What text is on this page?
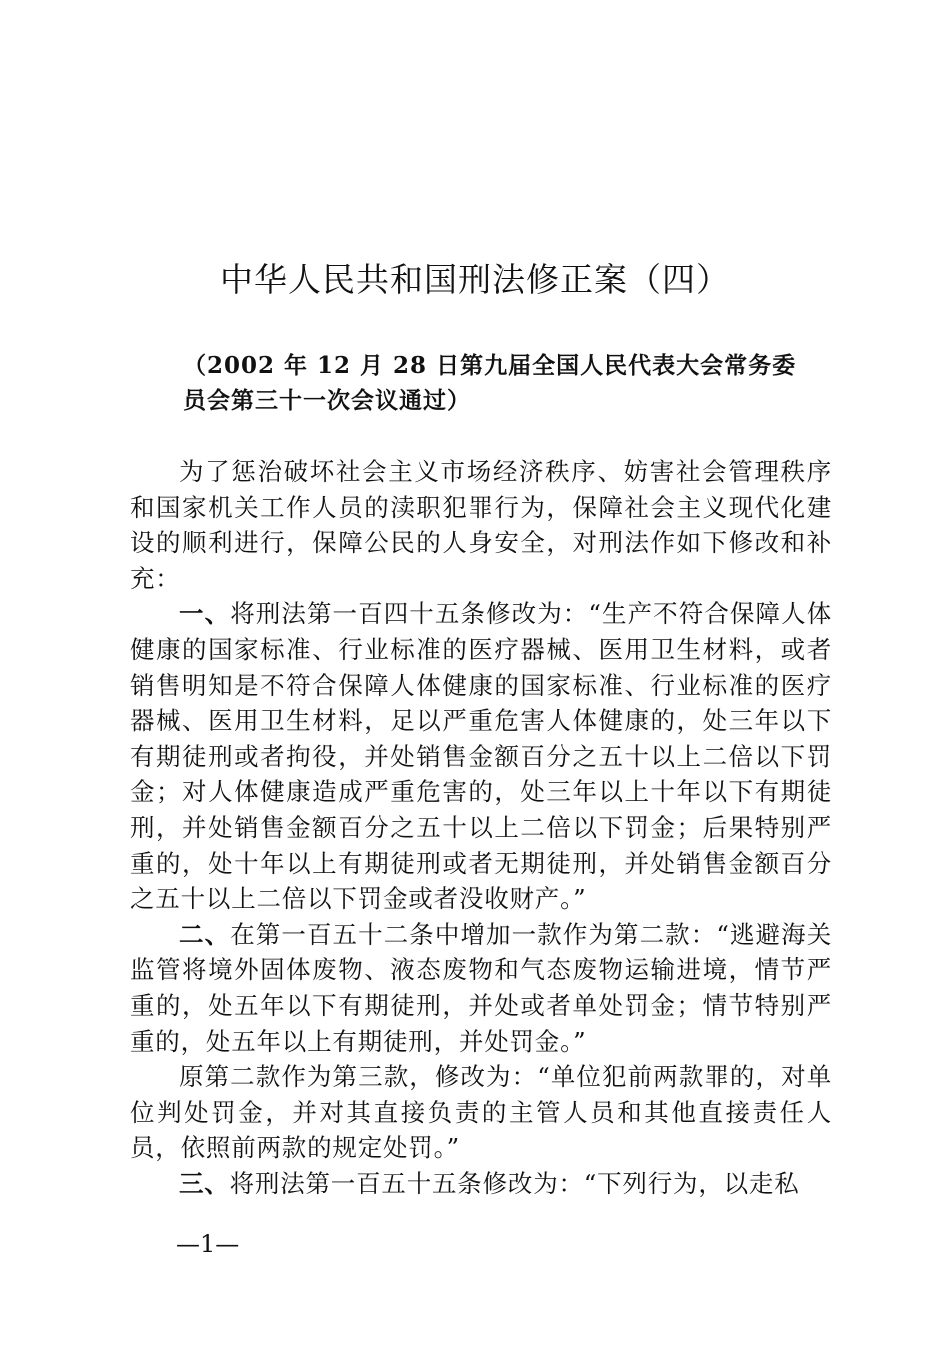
中华人民共和国刑法修正案（四）
（2002 年 12 月 28 日第九届全国人民代表大会常务委
员会第三十一次会议通过）

为了惩治破坏社会主义市场经济秩序、妨害社会管理秩序和国家机关工作人员的渎职犯罪行为，保障社会主义现代化建设的顺利进行，保障公民的人身安全，对刑法作如下修改和补充：

一、将刑法第一百四十五条修改为：“生产不符合保障人体健康的国家标准、行业标准的医疗器械、医用卫生材料，或者销售明知是不符合保障人体健康的国家标准、行业标准的医疗器械、医用卫生材料，足以严重危害人体健康的，处三年以下有期徒刑或者拘役，并处销售金额百分之五十以上二倍以下罚金；对人体健康造成严重危害的，处三年以上十年以下有期徒刑，并处销售金额百分之五十以上二倍以下罚金；后果特别严重的，处十年以上有期徒刑或者无期徒刑，并处销售金额百分之五十以上二倍以下罚金或者没收财产。”

二、在第一百五十二条中增加一款作为第二款：“逃避海关监管将境外固体废物、液态废物和气态废物运输进境，情节严重的，处五年以下有期徒刑，并处或者单处罚金；情节特别严重的，处五年以上有期徒刑，并处罚金。”

原第二款作为第三款，修改为：“单位犯前两款罪的，对单位判处罚金，并对其直接负责的主管人员和其他直接责任人员，依照前两款的规定处罚。”

三、将刑法第一百五十五条修改为：“下列行为，以走私

—1—
